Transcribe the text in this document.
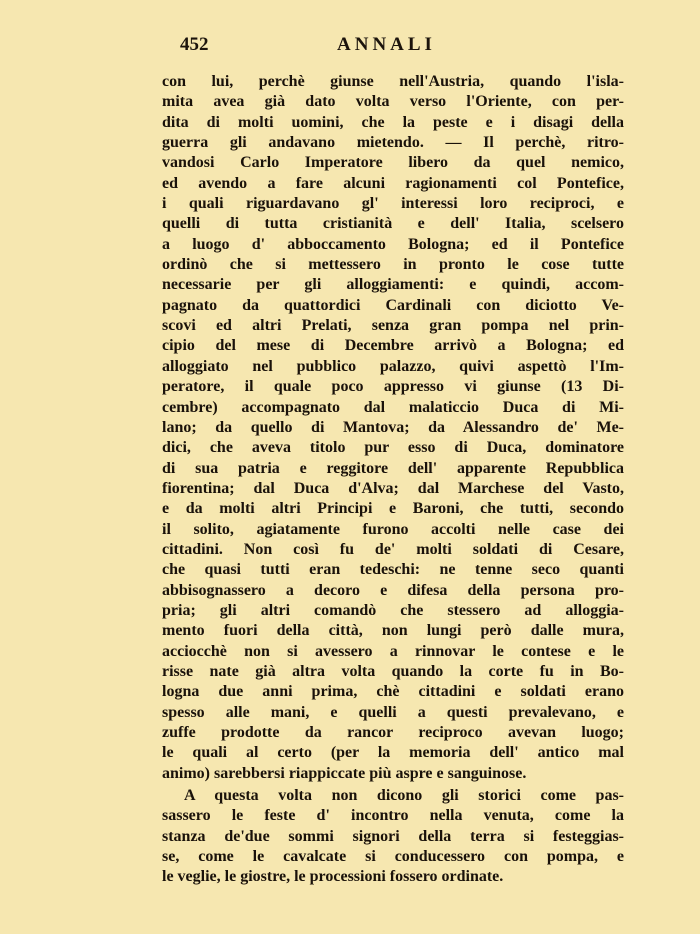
452	ANNALI
con lui, perchè giunse nell'Austria, quando l'isla-
mita avea già dato volta verso l'Oriente, con per-
dita di molti uomini, che la peste e i disagi della
guerra gli andavano mietendo. — Il perchè, ritro-
vandosi Carlo Imperatore libero da quel nemico,
ed avendo a fare alcuni ragionamenti col Pontefice,
i quali riguardavano gl' interessi loro reciproci, e
quelli di tutta cristianità e dell' Italia, scelsero
a luogo d' abboccamento Bologna; ed il Pontefice
ordinò che si mettessero in pronto le cose tutte
necessarie per gli alloggiamenti: e quindi, accom-
pagnato da quattordici Cardinali con diciotto Ve-
scovi ed altri Prelati, senza gran pompa nel prin-
cipio del mese di Decembre arrivò a Bologna; ed
alloggiato nel pubblico palazzo, quivi aspettò l'Im-
peratore, il quale poco appresso vi giunse (13 Di-
cembre) accompagnato dal malaticcio Duca di Mi-
lano; da quello di Mantova; da Alessandro de' Me-
dici, che aveva titolo pur esso di Duca, dominatore
di sua patria e reggitore dell' apparente Repubblica
fiorentina; dal Duca d'Alva; dal Marchese del Vasto,
e da molti altri Principi e Baroni, che tutti, secondo
il solito, agiatamente furono accolti nelle case dei
cittadini. Non così fu de' molti soldati di Cesare,
che quasi tutti eran tedeschi: ne tenne seco quanti
abbisognassero a decoro e difesa della persona pro-
pria; gli altri comandò che stessero ad alloggia-
mento fuori della città, non lungi però dalle mura,
acciocchè non si avessero a rinnovar le contese e le
risse nate già altra volta quando la corte fu in Bo-
logna due anni prima, chè cittadini e soldati erano
spesso alle mani, e quelli a questi prevalevano, e
zuffe prodotte da rancor reciproco avevan luogo;
le quali al certo (per la memoria dell' antico mal
animo) sarebbersi riappiccate più aspre e sanguinose.
A questa volta non dicono gli storici come pas-
sassero le feste d' incontro nella venuta, come la
stanza de'due sommi signori della terra si festeggias-
se, come le cavalcate si conducessero con pompa, e
le veglie, le giostre, le processioni fossero ordinate.
